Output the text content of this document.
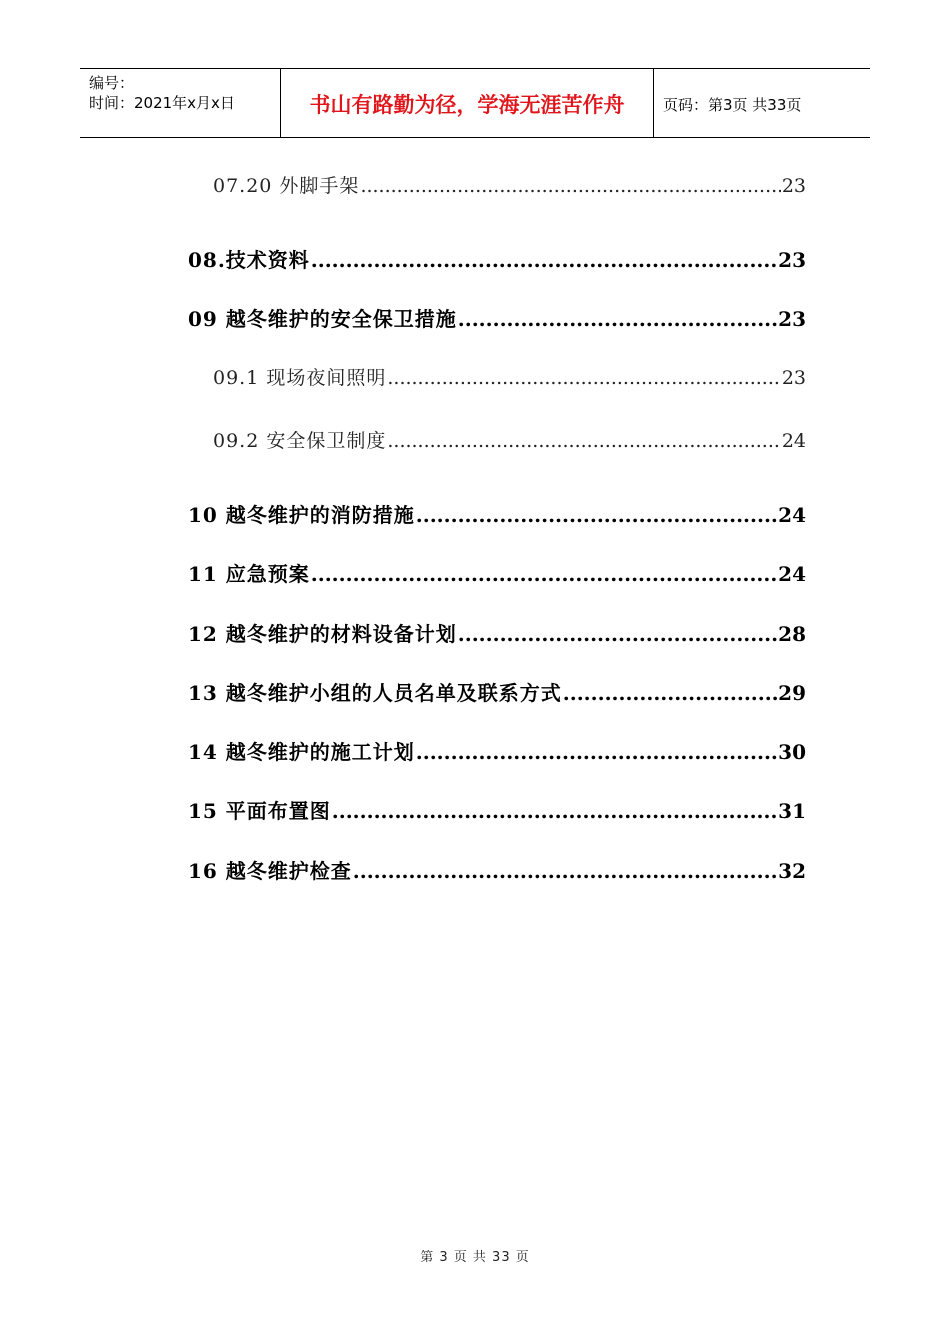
编号：
时间：2021年x月x日	书山有路勤为径，学海无涯苦作舟	页码：第3页 共33页
07.20 外脚手架 .....	23
08.技术资料 .....	23
09 越冬维护的安全保卫措施 .....	23
09.1 现场夜间照明 .....	23
09.2 安全保卫制度 .....	24
10 越冬维护的消防措施 .....	24
11 应急预案 .....	24
12 越冬维护的材料设备计划 .....	28
13 越冬维护小组的人员名单及联系方式 .....	29
14 越冬维护的施工计划 .....	30
15 平面布置图 .....	31
16 越冬维护检查 .....	32
第 3 页 共 33 页
